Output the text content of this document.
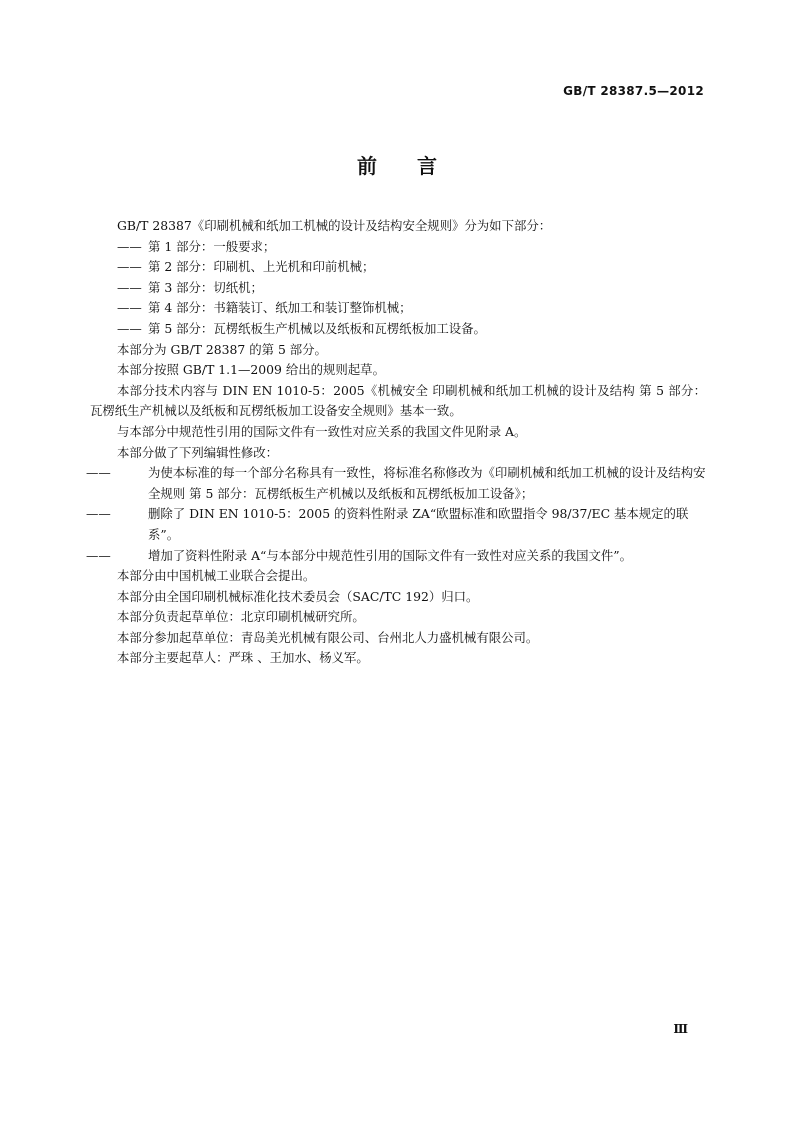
GB/T 28387.5—2012
前 言

GB/T 28387《印刷机械和纸加工机械的设计及结构安全规则》分为如下部分：

—— 第 1 部分：一般要求；

—— 第 2 部分：印刷机、上光机和印前机械；

—— 第 3 部分：切纸机；

—— 第 4 部分：书籍装订、纸加工和装订整饰机械；

—— 第 5 部分：瓦楞纸板生产机械以及纸板和瓦楞纸板加工设备。

本部分为 GB/T 28387 的第 5 部分。

本部分按照 GB/T 1.1—2009 给出的规则起草。

本部分技术内容与 DIN EN 1010-5：2005《机械安全 印刷机械和纸加工机械的设计及结构 第 5 部分：瓦楞纸生产机械以及纸板和瓦楞纸板加工设备安全规则》基本一致。

与本部分中规范性引用的国际文件有一致性对应关系的我国文件见附录 A。

本部分做了下列编辑性修改：

——	为使本标准的每一个部分名称具有一致性，将标准名称修改为《印刷机械和纸加工机械的设计及结构安全规则 第 5 部分：瓦楞纸板生产机械以及纸板和瓦楞纸板加工设备》；

——	删除了 DIN EN 1010-5：2005 的资料性附录 ZA“欧盟标准和欧盟指令 98/37/EC 基本规定的联系”。

——	增加了资料性附录 A“与本部分中规范性引用的国际文件有一致性对应关系的我国文件”。

本部分由中国机械工业联合会提出。

本部分由全国印刷机械标准化技术委员会（SAC/TC 192）归口。

本部分负责起草单位：北京印刷机械研究所。

本部分参加起草单位：青岛美光机械有限公司、台州北人力盛机械有限公司。

本部分主要起草人：严珠 、王加水、杨义军。

Ⅲ
